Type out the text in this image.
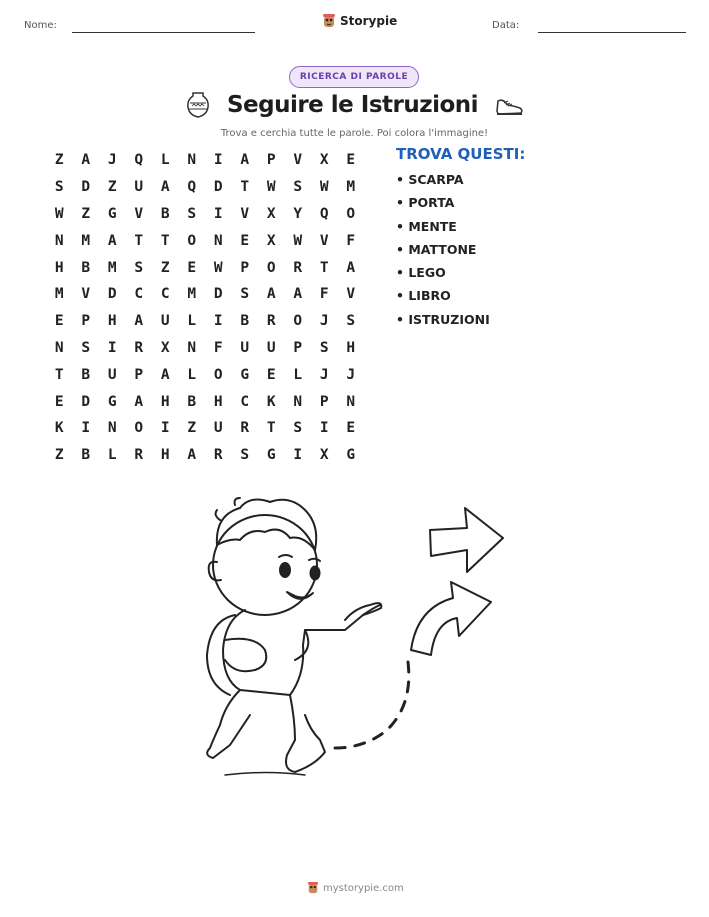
Nome:	Storypie	Data:
RICERCA DI PAROLE
Seguire le Istruzioni
Trova e cerchia tutte le parole. Poi colora l'immagine!
Z	A	J	Q	L	N	I	A	P	V	X	E
S	D	Z	U	A	Q	D	T	W	S	W	M
W	Z	G	V	B	S	I	V	X	Y	Q	O
N	M	A	T	T	O	N	E	X	W	V	F
H	B	M	S	Z	E	W	P	O	R	T	A
M	V	D	C	C	M	D	S	A	A	F	V
E	P	H	A	U	L	I	B	R	O	J	S
N	S	I	R	X	N	F	U	U	P	S	H
T	B	U	P	A	L	O	G	E	L	J	J
E	D	G	A	H	B	H	C	K	N	P	N
K	I	N	O	I	Z	U	R	T	S	I	E
Z	B	L	R	H	A	R	S	G	I	X	G
TROVA QUESTI:
• SCARPA
• PORTA
• MENTE
• MATTONE
• LEGO
• LIBRO
• ISTRUZIONI
mystorypie.com
